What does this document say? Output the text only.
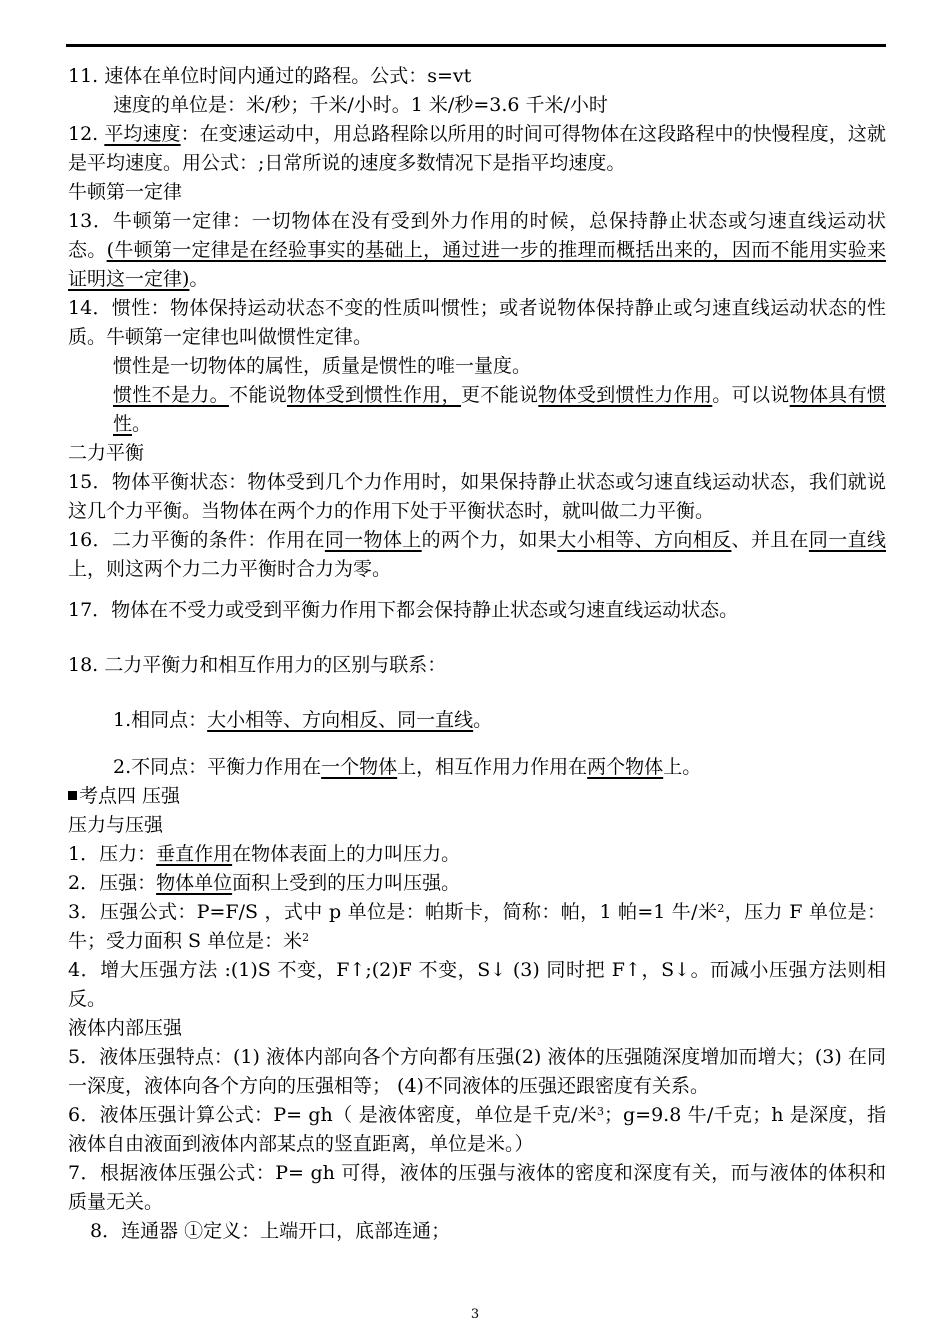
11. 速体在单位时间内通过的路程。公式：s=vt

速度的单位是：米/秒；千米/小时。1 米/秒=3.6 千米/小时

12. 平均速度：在变速运动中，用总路程除以所用的时间可得物体在这段路程中的快慢程度，这就是平均速度。用公式：;日常所说的速度多数情况下是指平均速度。

牛顿第一定律

13．牛顿第一定律：一切物体在没有受到外力作用的时候，总保持静止状态或匀速直线运动状态。(牛顿第一定律是在经验事实的基础上，通过进一步的推理而概括出来的，因而不能用实验来证明这一定律)。

14．惯性：物体保持运动状态不变的性质叫惯性；或者说物体保持静止或匀速直线运动状态的性质。牛顿第一定律也叫做惯性定律。

惯性是一切物体的属性，质量是惯性的唯一量度。

惯性不是力。不能说物体受到惯性作用，更不能说物体受到惯性力作用。可以说物体具有惯性。

二力平衡

15．物体平衡状态：物体受到几个力作用时，如果保持静止状态或匀速直线运动状态，我们就说这几个力平衡。当物体在两个力的作用下处于平衡状态时，就叫做二力平衡。

16．二力平衡的条件：作用在同一物体上的两个力，如果大小相等、方向相反、并且在同一直线上，则这两个力二力平衡时合力为零。

17．物体在不受力或受到平衡力作用下都会保持静止状态或匀速直线运动状态。

18. 二力平衡力和相互作用力的区别与联系：

1.相同点：大小相等、方向相反、同一直线。

2.不同点：平衡力作用在一个物体上，相互作用力作用在两个物体上。

考点四 压强

压力与压强

1．压力：垂直作用在物体表面上的力叫压力。

2．压强：物体单位面积上受到的压力叫压强。

3．压强公式：P=F/S ，式中 p 单位是：帕斯卡，简称：帕，1 帕=1 牛/米$^2$，压力 F 单位是：牛；受力面积 S 单位是：米$^2$

4．增大压强方法 :(1)S 不变，F↑;(2)F 不变，S↓ (3) 同时把 F↑，S↓。而减小压强方法则相反。

液体内部压强

5．液体压强特点：(1) 液体内部向各个方向都有压强(2) 液体的压强随深度增加而增大；(3) 在同一深度，液体向各个方向的压强相等； (4)不同液体的压强还跟密度有关系。

6．液体压强计算公式：P= gh（ 是液体密度，单位是千克/米$^3$；g=9.8 牛/千克；h 是深度，指液体自由液面到液体内部某点的竖直距离，单位是米。）

7．根据液体压强公式：P= gh 可得，液体的压强与液体的密度和深度有关，而与液体的体积和质量无关。

8．连通器 ①定义：上端开口，底部连通；

3
